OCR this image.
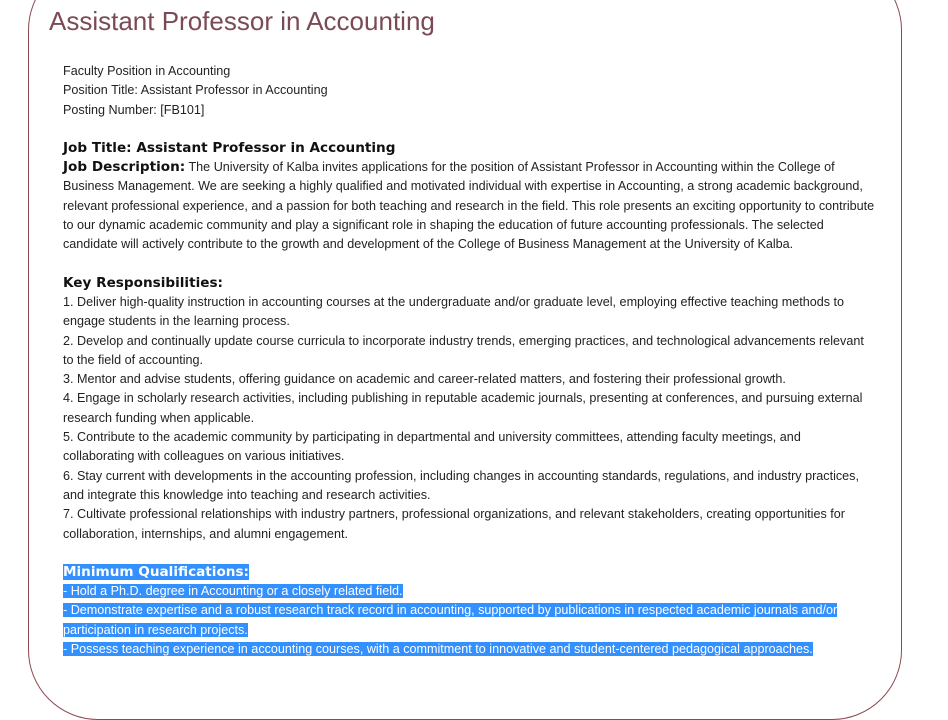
Assistant Professor in Accounting

Faculty Position in Accounting

Position Title: Assistant Professor in Accounting

Posting Number: [FB101]

Job Title: Assistant Professor in Accounting

Job Description: The University of Kalba invites applications for the position of Assistant Professor in Accounting within the College of

Business Management. We are seeking a highly qualified and motivated individual with expertise in Accounting, a strong academic background,

relevant professional experience, and a passion for both teaching and research in the field. This role presents an exciting opportunity to contribute

to our dynamic academic community and play a significant role in shaping the education of future accounting professionals. The selected

candidate will actively contribute to the growth and development of the College of Business Management at the University of Kalba.

Key Responsibilities:

1. Deliver high-quality instruction in accounting courses at the undergraduate and/or graduate level, employing effective teaching methods to

engage students in the learning process.

2. Develop and continually update course curricula to incorporate industry trends, emerging practices, and technological advancements relevant

to the field of accounting.

3. Mentor and advise students, offering guidance on academic and career-related matters, and fostering their professional growth.

4. Engage in scholarly research activities, including publishing in reputable academic journals, presenting at conferences, and pursuing external

research funding when applicable.

5. Contribute to the academic community by participating in departmental and university committees, attending faculty meetings, and

collaborating with colleagues on various initiatives.

6. Stay current with developments in the accounting profession, including changes in accounting standards, regulations, and industry practices,

and integrate this knowledge into teaching and research activities.

7. Cultivate professional relationships with industry partners, professional organizations, and relevant stakeholders, creating opportunities for

collaboration, internships, and alumni engagement.

Minimum Qualifications:

- Hold a Ph.D. degree in Accounting or a closely related field.

- Demonstrate expertise and a robust research track record in accounting, supported by publications in respected academic journals and/or

participation in research projects.

- Possess teaching experience in accounting courses, with a commitment to innovative and student-centered pedagogical approaches.
